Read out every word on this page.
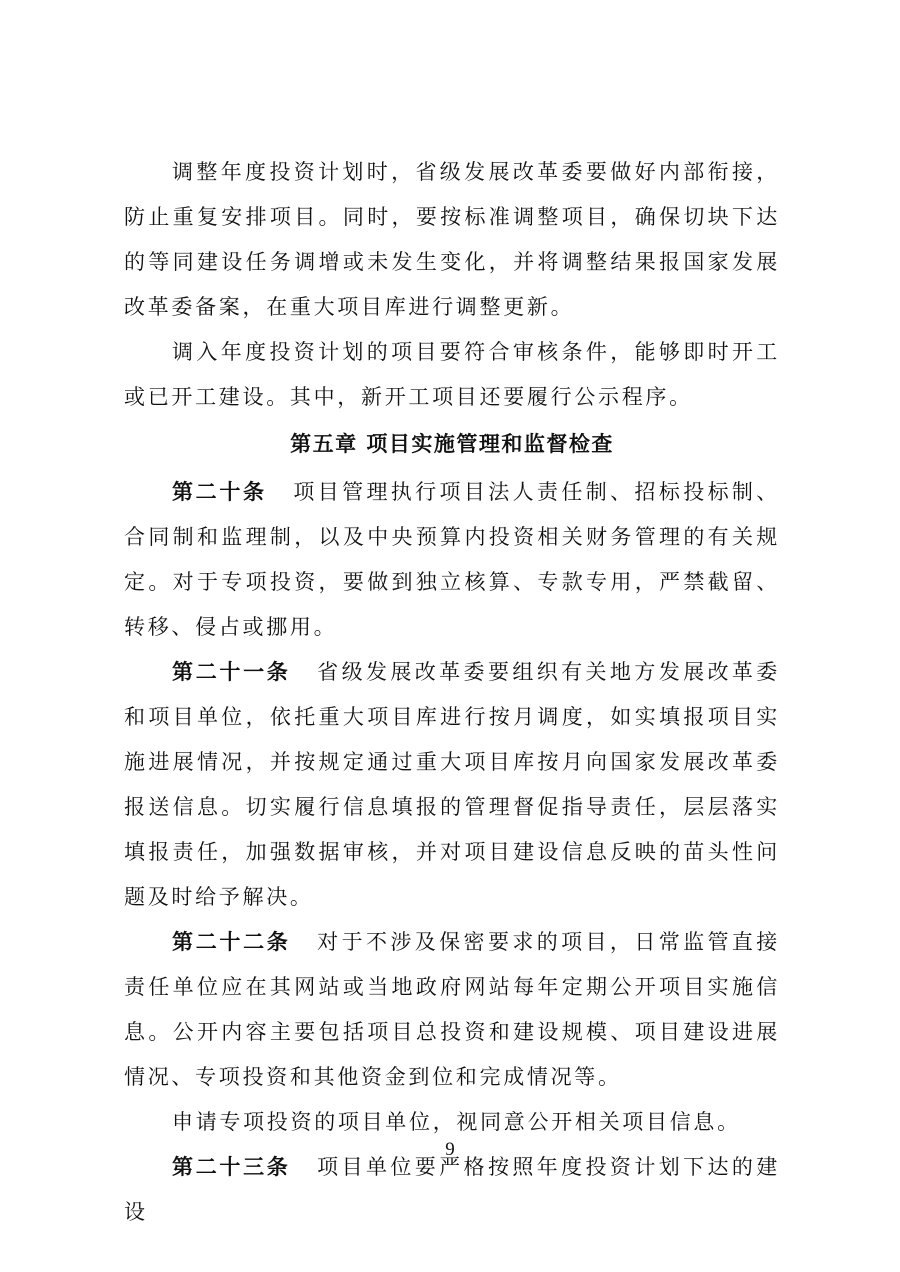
调整年度投资计划时，省级发展改革委要做好内部衔接，防止重复安排项目。同时，要按标准调整项目，确保切块下达的等同建设任务调增或未发生变化，并将调整结果报国家发展改革委备案，在重大项目库进行调整更新。

调入年度投资计划的项目要符合审核条件，能够即时开工或已开工建设。其中，新开工项目还要履行公示程序。

第五章 项目实施管理和监督检查

第二十条 项目管理执行项目法人责任制、招标投标制、合同制和监理制，以及中央预算内投资相关财务管理的有关规定。对于专项投资，要做到独立核算、专款专用，严禁截留、转移、侵占或挪用。

第二十一条 省级发展改革委要组织有关地方发展改革委和项目单位，依托重大项目库进行按月调度，如实填报项目实施进展情况，并按规定通过重大项目库按月向国家发展改革委报送信息。切实履行信息填报的管理督促指导责任，层层落实填报责任，加强数据审核，并对项目建设信息反映的苗头性问题及时给予解决。

第二十二条 对于不涉及保密要求的项目，日常监管直接责任单位应在其网站或当地政府网站每年定期公开项目实施信息。公开内容主要包括项目总投资和建设规模、项目建设进展情况、专项投资和其他资金到位和完成情况等。

申请专项投资的项目单位，视同意公开相关项目信息。

第二十三条 项目单位要严格按照年度投资计划下达的建设

9
